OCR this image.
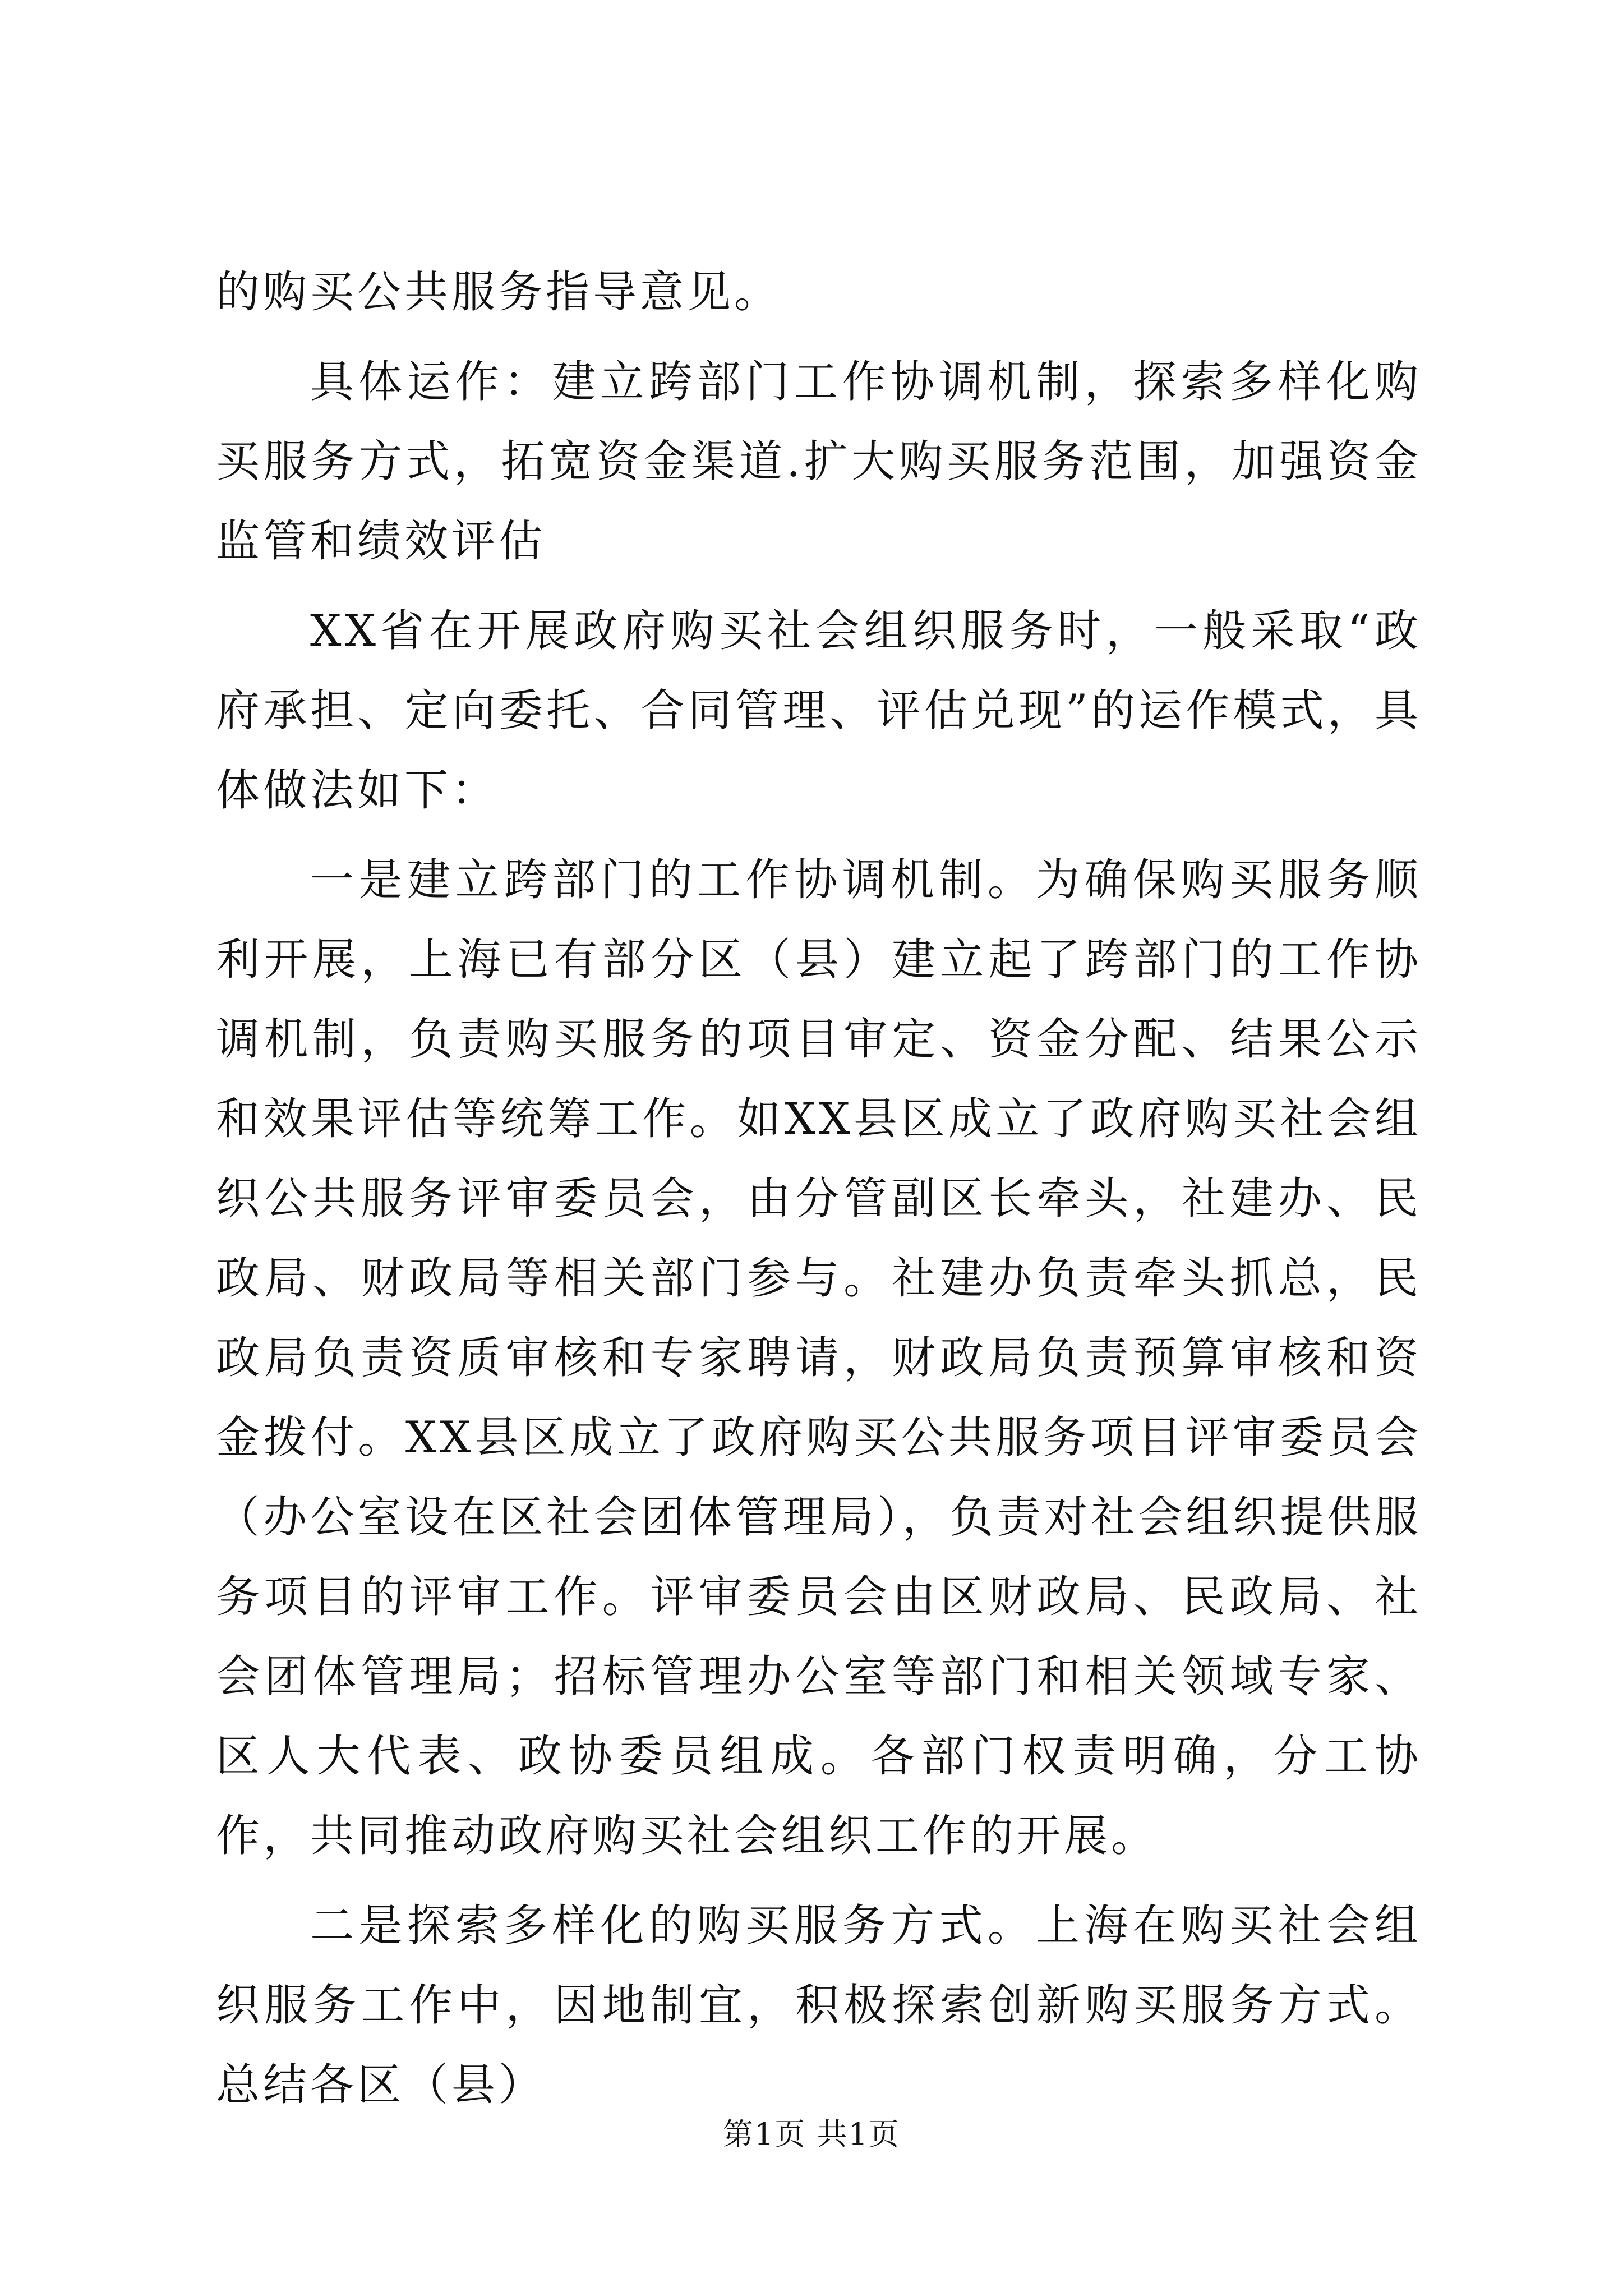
的购买公共服务指导意见。

具体运作：建立跨部门工作协调机制，探索多样化购买服务方式，拓宽资金渠道.扩大购买服务范围，加强资金监管和绩效评估

XX省在开展政府购买社会组织服务时，一般采取“政府承担、定向委托、合同管理、评估兑现”的运作模式，具体做法如下：

一是建立跨部门的工作协调机制。为确保购买服务顺利开展，上海已有部分区（县）建立起了跨部门的工作协调机制，负责购买服务的项目审定、资金分配、结果公示和效果评估等统筹工作。如XX县区成立了政府购买社会组织公共服务评审委员会，由分管副区长牵头，社建办、民政局、财政局等相关部门参与。社建办负责牵头抓总，民政局负责资质审核和专家聘请，财政局负责预算审核和资金拨付。XX县区成立了政府购买公共服务项目评审委员会（办公室设在区社会团体管理局），负责对社会组织提供服务项目的评审工作。评审委员会由区财政局、民政局、社会团体管理局；招标管理办公室等部门和相关领域专家、区人大代表、政协委员组成。各部门权责明确，分工协作，共同推动政府购买社会组织工作的开展。

二是探索多样化的购买服务方式。上海在购买社会组织服务工作中，因地制宜，积极探索创新购买服务方式。总结各区（县）

第1页 共1页
